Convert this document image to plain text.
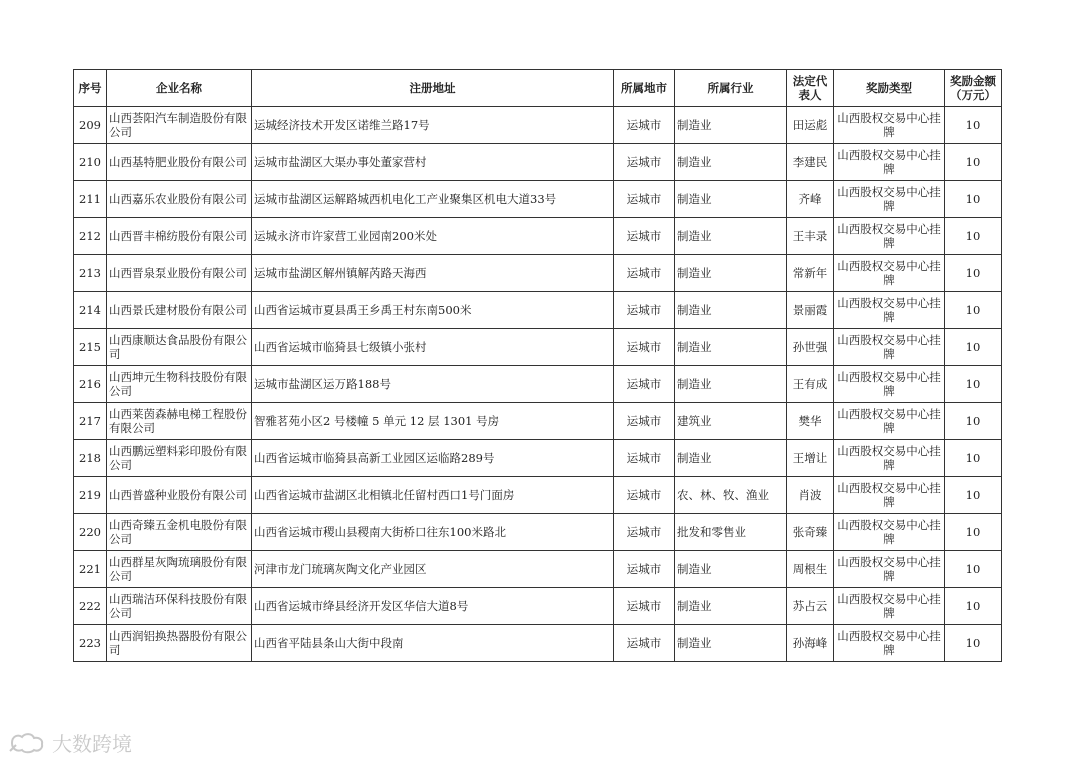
序号	企业名称	注册地址	所属地市	所属行业	法定代表人	奖励类型	奖励金额（万元）
209	山西荟阳汽车制造股份有限公司	运城经济技术开发区诺维兰路17号	运城市	制造业	田运彪	山西股权交易中心挂牌	10
210	山西基特肥业股份有限公司	运城市盐湖区大渠办事处董家营村	运城市	制造业	李建民	山西股权交易中心挂牌	10
211	山西嘉乐农业股份有限公司	运城市盐湖区运解路城西机电化工产业聚集区机电大道33号	运城市	制造业	齐峰	山西股权交易中心挂牌	10
212	山西晋丰棉纺股份有限公司	运城永济市许家营工业园南200米处	运城市	制造业	王丰录	山西股权交易中心挂牌	10
213	山西晋泉泵业股份有限公司	运城市盐湖区解州镇解芮路天海西	运城市	制造业	常新年	山西股权交易中心挂牌	10
214	山西景氏建材股份有限公司	山西省运城市夏县禹王乡禹王村东南500米	运城市	制造业	景丽霞	山西股权交易中心挂牌	10
215	山西康顺达食品股份有限公司	山西省运城市临猗县七级镇小张村	运城市	制造业	孙世强	山西股权交易中心挂牌	10
216	山西坤元生物科技股份有限公司	运城市盐湖区运万路188号	运城市	制造业	王有成	山西股权交易中心挂牌	10
217	山西莱茵森赫电梯工程股份有限公司	智雅茗苑小区2 号楼幢 5 单元 12 层 1301 号房	运城市	建筑业	樊华	山西股权交易中心挂牌	10
218	山西鹏远塑料彩印股份有限公司	山西省运城市临猗县高新工业园区运临路289号	运城市	制造业	王增让	山西股权交易中心挂牌	10
219	山西普盛种业股份有限公司	山西省运城市盐湖区北相镇北任留村西口1号门面房	运城市	农、林、牧、渔业	肖波	山西股权交易中心挂牌	10
220	山西奇臻五金机电股份有限公司	山西省运城市稷山县稷南大街桥口往东100米路北	运城市	批发和零售业	张奇臻	山西股权交易中心挂牌	10
221	山西群星灰陶琉璃股份有限公司	河津市龙门琉璃灰陶文化产业园区	运城市	制造业	周根生	山西股权交易中心挂牌	10
222	山西瑞洁环保科技股份有限公司	山西省运城市绛县经济开发区华信大道8号	运城市	制造业	苏占云	山西股权交易中心挂牌	10
223	山西润铝换热器股份有限公司	山西省平陆县条山大街中段南	运城市	制造业	孙海峰	山西股权交易中心挂牌	10
大数跨境
